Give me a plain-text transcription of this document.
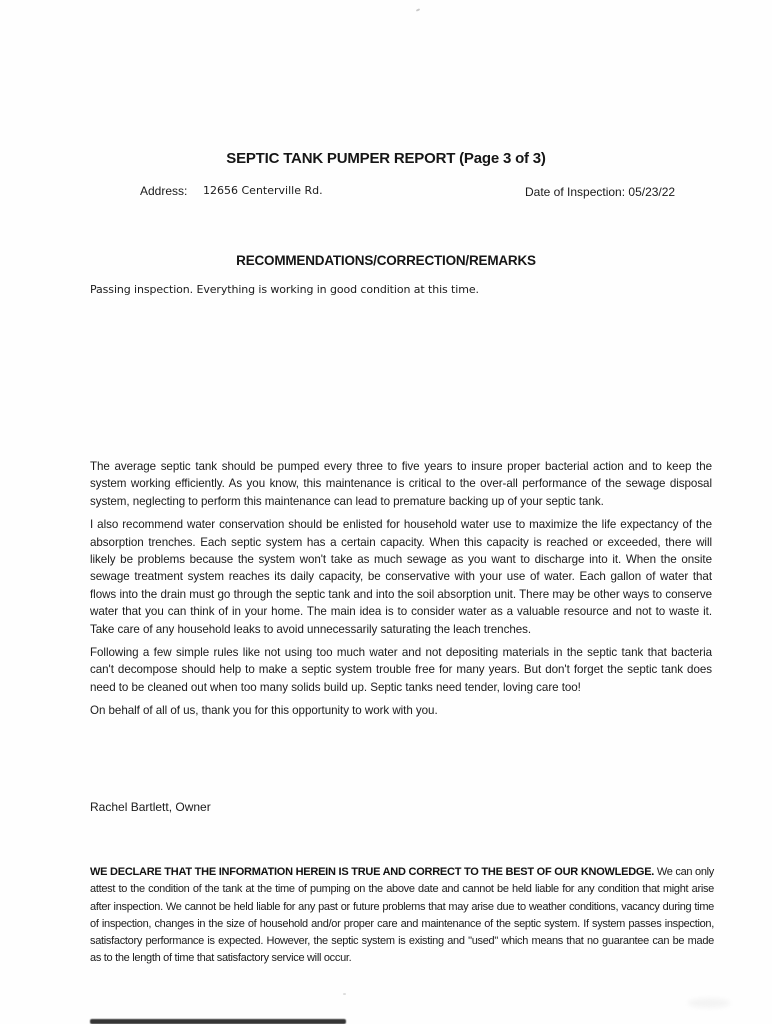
SEPTIC TANK PUMPER REPORT (Page 3 of 3)
Address: 12656 Centerville Rd.	Date of Inspection: 05/23/22
RECOMMENDATIONS/CORRECTION/REMARKS
Passing inspection. Everything is working in good condition at this time.

The average septic tank should be pumped every three to five years to insure proper bacterial action and to keep the system working efficiently. As you know, this maintenance is critical to the over-all performance of the sewage disposal system, neglecting to perform this maintenance can lead to premature backing up of your septic tank.

I also recommend water conservation should be enlisted for household water use to maximize the life expectancy of the absorption trenches. Each septic system has a certain capacity. When this capacity is reached or exceeded, there will likely be problems because the system won't take as much sewage as you want to discharge into it. When the onsite sewage treatment system reaches its daily capacity, be conservative with your use of water. Each gallon of water that flows into the drain must go through the septic tank and into the soil absorption unit. There may be other ways to conserve water that you can think of in your home. The main idea is to consider water as a valuable resource and not to waste it. Take care of any household leaks to avoid unnecessarily saturating the leach trenches.

Following a few simple rules like not using too much water and not depositing materials in the septic tank that bacteria can't decompose should help to make a septic system trouble free for many years. But don't forget the septic tank does need to be cleaned out when too many solids build up. Septic tanks need tender, loving care too!

On behalf of all of us, thank you for this opportunity to work with you.

Rachel Bartlett, Owner
WE DECLARE THAT THE INFORMATION HEREIN IS TRUE AND CORRECT TO THE BEST OF OUR KNOWLEDGE. We can only attest to the condition of the tank at the time of pumping on the above date and cannot be held liable for any condition that might arise after inspection. We cannot be held liable for any past or future problems that may arise due to weather conditions, vacancy during time of inspection, changes in the size of household and/or proper care and maintenance of the septic system. If system passes inspection, satisfactory performance is expected. However, the septic system is existing and "used" which means that no guarantee can be made as to the length of time that satisfactory service will occur.
